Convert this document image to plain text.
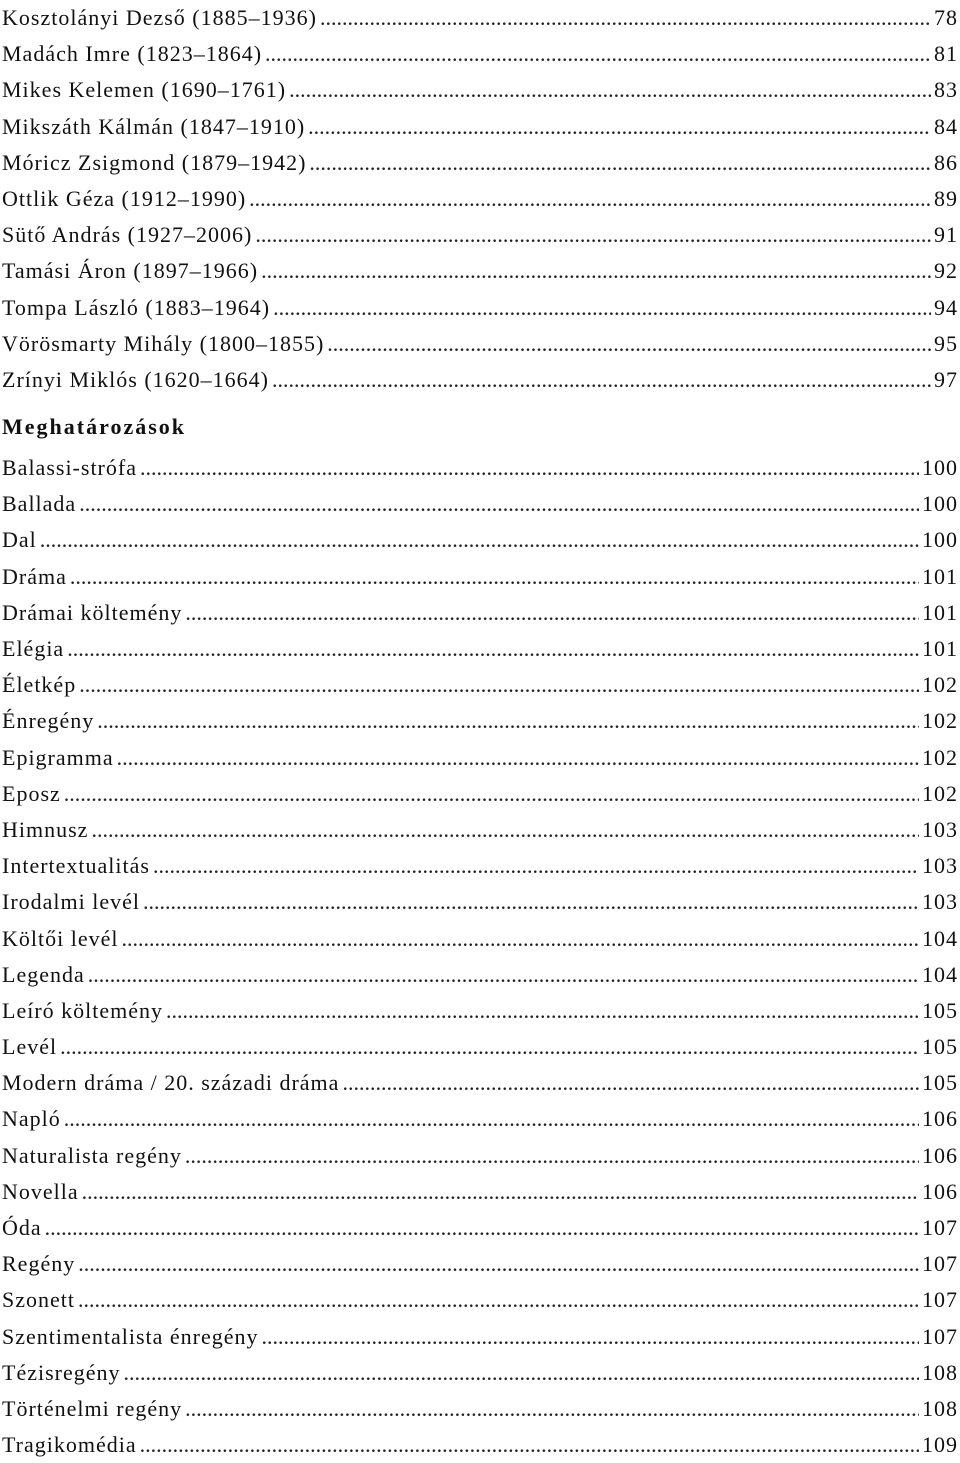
Kosztolányi Dezső (1885–1936) .....	78
Madách Imre (1823–1864) .....	81
Mikes Kelemen (1690–1761) .....	83
Mikszáth Kálmán (1847–1910) .....	84
Móricz Zsigmond (1879–1942) .....	86
Ottlik Géza (1912–1990) .....	89
Sütő András (1927–2006) .....	91
Tamási Áron (1897–1966) .....	92
Tompa László (1883–1964) .....	94
Vörösmarty Mihály (1800–1855) .....	95
Zrínyi Miklós (1620–1664) .....	97
Meghatározások
Balassi-strófa .....	100
Ballada .....	100
Dal .....	100
Dráma .....	101
Drámai költemény .....	101
Elégia .....	101
Életkép .....	102
Énregény .....	102
Epigramma .....	102
Eposz .....	102
Himnusz .....	103
Intertextualitás .....	103
Irodalmi levél .....	103
Költői levél .....	104
Legenda .....	104
Leíró költemény .....	105
Levél .....	105
Modern dráma / 20. századi dráma .....	105
Napló .....	106
Naturalista regény .....	106
Novella .....	106
Óda .....	107
Regény .....	107
Szonett .....	107
Szentimentalista énregény .....	107
Tézisregény .....	108
Történelmi regény .....	108
Tragikomédia .....	109
